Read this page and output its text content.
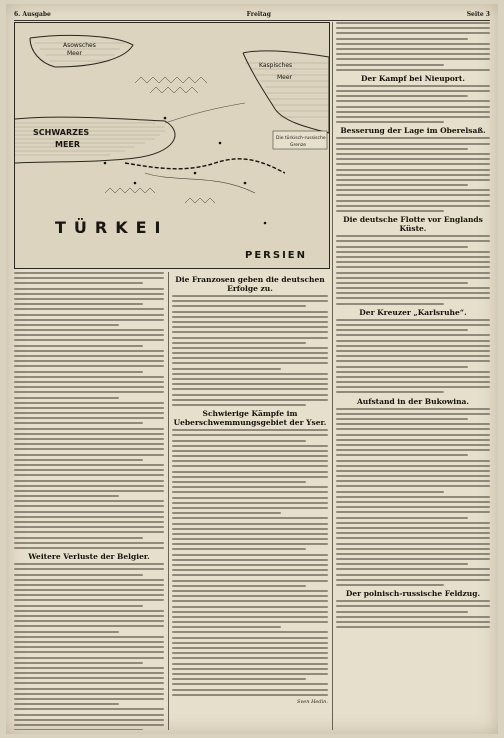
6. Ausgabe	Freitag	Seite 3
Asowsches
Meer
Kaspisches
Meer
SCHWARZES
MEER
TÜRKEI
PERSIEN
Die türkisch-russische
Grenze
Weitere Verluste der Belgier.
Die Franzosen geben die deutschen Erfolge zu.
Schwierige Kämpfe im Ueberschwemmungsgebiet der Yser.
Sven Hedin.
Der Kampf bei Nieuport.
Besserung der Lage im Oberelsaß.
Die deutsche Flotte vor Englands Küste.
Der Kreuzer „Karlsruhe“.
Aufstand in der Bukowina.
Der polnisch-russische Feldzug.
